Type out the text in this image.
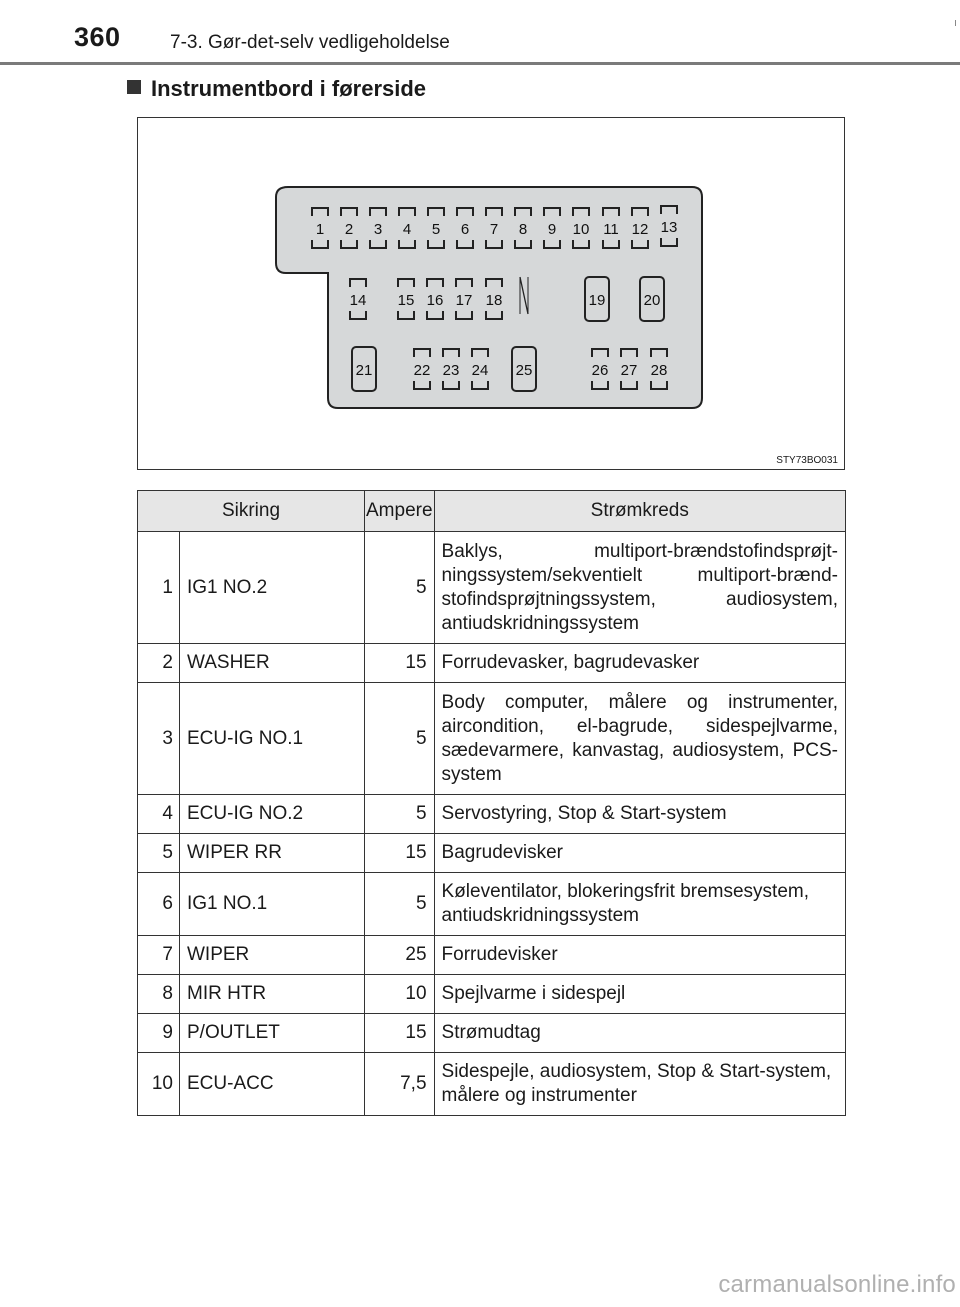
360	7-3. Gør-det-selv vedligeholdelse
Instrumentbord i førerside
1 2 3 4 5 6 7 8 9 10 11 12 13
14 15 16 17 18	19	20
21	22 23 24 25	26 27 28
STY73BO031
Sikring		Ampere	Strømkreds
1	IG1 NO.2	5	Baklys, multiport-brændstofindsprøjt-ningssystem/sekventielt multiport-brænd-stofindsprøjtningssystem, audiosystem, antiudskridningssystem
2	WASHER	15	Forrudevasker, bagrudevasker
3	ECU-IG NO.1	5	Body computer, målere og instrumenter, aircondition, el-bagrude, sidespejlvarme, sædevarmere, kanvastag, audiosystem, PCS-system
4	ECU-IG NO.2	5	Servostyring, Stop & Start-system
5	WIPER RR	15	Bagrudevisker
6	IG1 NO.1	5	Køleventilator, blokeringsfrit bremsesystem, antiudskridningssystem
7	WIPER	25	Forrudevisker
8	MIR HTR	10	Spejlvarme i sidespejl
9	P/OUTLET	15	Strømudtag
10	ECU-ACC	7,5	Sidespejle, audiosystem, Stop & Start-system, målere og instrumenter
carmanualsonline.info
